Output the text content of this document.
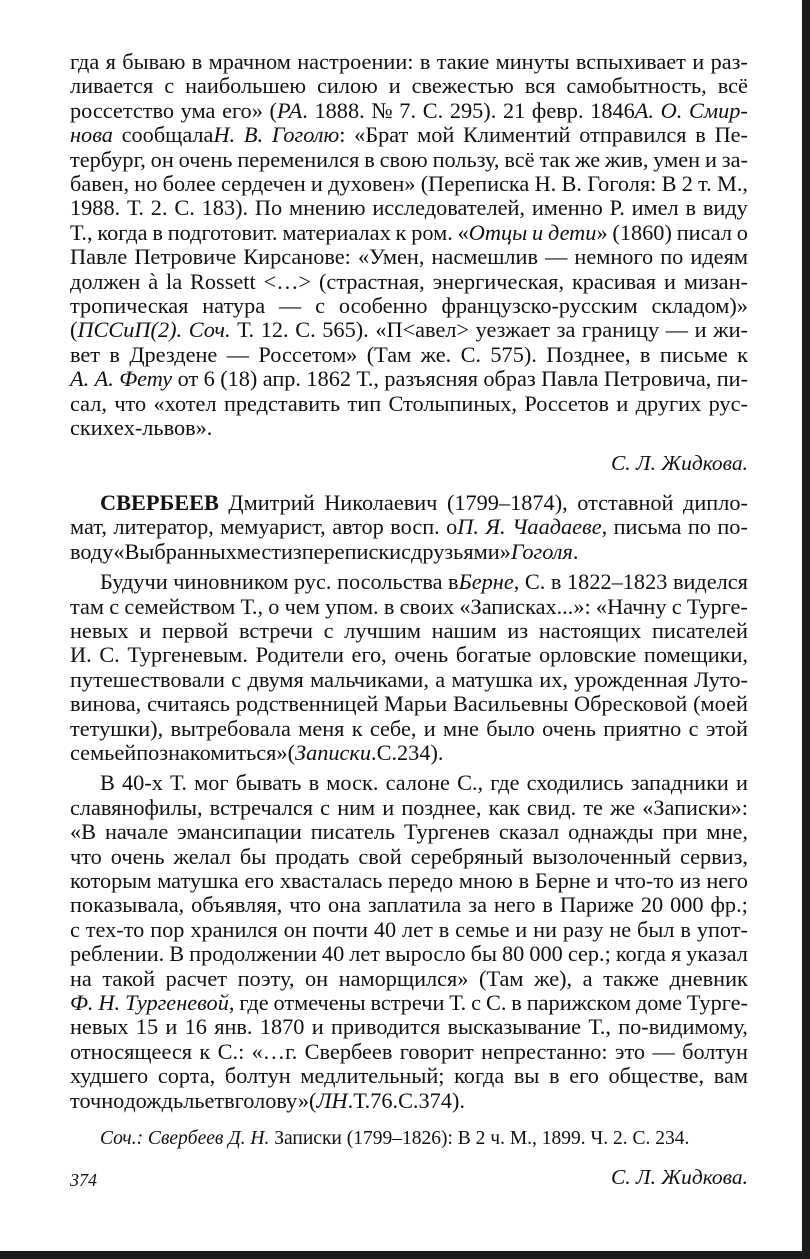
гда я бываю в мрачном настроении: в такие минуты вспыхивает и раз-
ливается с наибольшею силою и свежестью вся самобытность, всё
россетство ума его» (РА. 1888. № 7. С. 295). 21 февр. 1846А. О. Смир-
нова сообщалаН. В. Гоголю: «Брат мой Климентий отправился в Пе-
тербург, он очень переменился в свою пользу, всё так же жив, умен и за-
бавен, но более сердечен и духовен» (Переписка Н. В. Гоголя: В 2 т. М.,
1988. Т. 2. С. 183). По мнению исследователей, именно Р. имел в виду
Т., когда в подготовит. материалах к ром. «Отцы и дети» (1860) писал о
Павле Петровиче Кирсанове: «Умен, насмешлив — немного по идеям
должен à la Rossett <…> (страстная, энергическая, красивая и мизан-
тропическая натура — с особенно французско-русским складом)»
(ПССиП(2). Соч. Т. 12. С. 565). «П<авел> уезжает за границу — и жи-
вет в Дрездене — Россетом» (Там же. С. 575). Позднее, в письме к
А. А. Фету от 6 (18) апр. 1862 Т., разъясняя образ Павла Петровича, пи-
сал, что «хотел представить тип Столыпиных, Россетов и других рус-
ских ex-львов».
С. Л. Жидкова.
СВЕРБЕЕВ Дмитрий Николаевич (1799–1874), отставной дипло-
мат, литератор, мемуарист, автор восп. оП. Я. Чаадаеве, письма по по-
воду «Выбранных мест из переписки с друзьями»Гоголя.
Будучи чиновником рус. посольства вБерне, С. в 1822–1823 виделся
там с семейством Т., о чем упом. в своих «Записках...»: «Начну с Турге-
невых и первой встречи с лучшим нашим из настоящих писателей
И. С. Тургеневым. Родители его, очень богатые орловские помещики,
путешествовали с двумя мальчиками, а матушка их, урожденная Луто-
винова, считаясь родственницей Марьи Васильевны Обресковой (моей
тетушки), вытребовала меня к себе, и мне было очень приятно с этой
семьей познакомиться» (Записки. С. 234).
В 40-х Т. мог бывать в моск. салоне С., где сходились западники и
славянофилы, встречался с ним и позднее, как свид. те же «Записки»:
«В начале эмансипации писатель Тургенев сказал однажды при мне,
что очень желал бы продать свой серебряный вызолоченный сервиз,
которым матушка его хвасталась передо мною в Берне и что-то из него
показывала, объявляя, что она заплатила за него в Париже 20 000 фр.;
с тех-то пор хранился он почти 40 лет в семье и ни разу не был в упот-
реблении. В продолжении 40 лет выросло бы 80 000 сер.; когда я указал
на такой расчет поэту, он наморщился» (Там же), а также дневник
Ф. Н. Тургеневой, где отмечены встречи Т. с С. в парижском доме Турге-
невых 15 и 16 янв. 1870 и приводится высказывание Т., по-видимому,
относящееся к С.: «…г. Свербеев говорит непрестанно: это — болтун
худшего сорта, болтун медлительный; когда вы в его обществе, вам
точно дождь льет в голову» (ЛН. Т. 76. С. 374).
Соч.: Свербеев Д. Н. Записки (1799–1826): В 2 ч. М., 1899. Ч. 2. С. 234.
С. Л. Жидкова.
374
